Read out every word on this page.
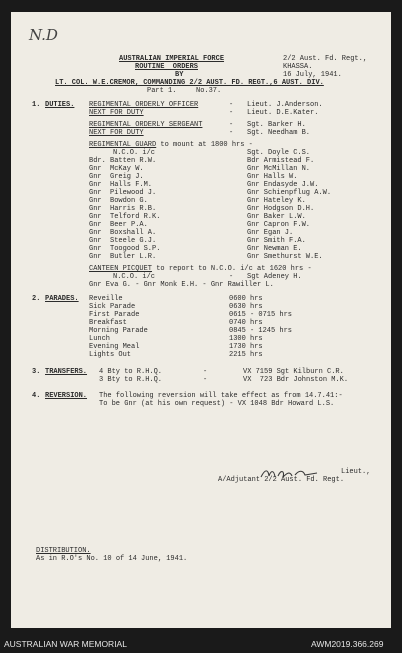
N.D
AUSTRALIAN IMPERIAL FORCE
ROUTINE  ORDERS
BY
LT. COL. W.E.CREMOR, COMMANDING 2/2 AUST. FD. REGT.,6 AUST. DIV.
Part 1.	No.37.
2/2 Aust. Fd. Regt.,
KHASSA.
16 July, 1941.
1. DUTIES. REGIMENTAL ORDERLY OFFICER	- Lieut. J.Anderson.
NEXT FOR DUTY	- Lieut. D.E.Kater.
REGIMENTAL ORDERLY SERGEANT	- Sgt. Barker H.
NEXT FOR DUTY	- Sgt. Needham B.
REGIMENTAL GUARD to mount at 1800 hrs -
N.C.O. i/c	Sgt. Doyle C.S.
Bdr. Batten R.W.	Bdr Armistead F.
Gnr  McKay W.	Gnr McMillan N.
Gnr  Greig J.	Gnr Halls W.
Gnr  Halls F.M.	Gnr Endasyde J.W.
Gnr  Pilewood J.	Gnr Schienpflug A.W.
Gnr  Bowdon G.	Gnr Hateley K.
Gnr  Harris R.B.	Gnr Hodgson D.H.
Gnr  Telford R.K.	Gnr Baker L.W.
Gnr  Beer P.A.	Gnr Capron F.W.
Gnr  Boxshall A.	Gnr Egan J.
Gnr  Steele G.J.	Gnr Smith F.A.
Gnr  Toogood S.P.	Gnr Newman E.
Gnr  Butler L.R.	Gnr Smethurst W.E.
CANTEEN PICQUET to report to N.C.O. i/c at 1620 hrs -
N.C.O. i/c	- Sgt Adeney H.
Gnr Eva G. - Gnr Monk E.H. - Gnr Rawiller L.
2. PARADES. Reveille	0600 hrs
Sick Parade	0630 hrs
First Parade	0615 - 0715 hrs
Breakfast	0740 hrs
Morning Parade	0845 - 1245 hrs
Lunch	1300 hrs
Evening Meal	1730 hrs
Lights Out	2215 hrs
3. TRANSFERS. 4 Bty to R.H.Q.	-	VX 7159 Sgt Kilburn C.R.
3 Bty to R.H.Q.	-	VX  723 Bdr Johnston M.K.
4. REVERSION. The following reversion will take effect as from 14.7.41:-
To be Gnr (at his own request) - VX 1048 Bdr Howard L.S.
Lieut.,
A/Adjutant 2/2 Aust. Fd. Regt.
DISTRIBUTION.
As in R.O's No. 10 of 14 June, 1941.
AUSTRALIAN WAR MEMORIAL	AWM2019.366.269
